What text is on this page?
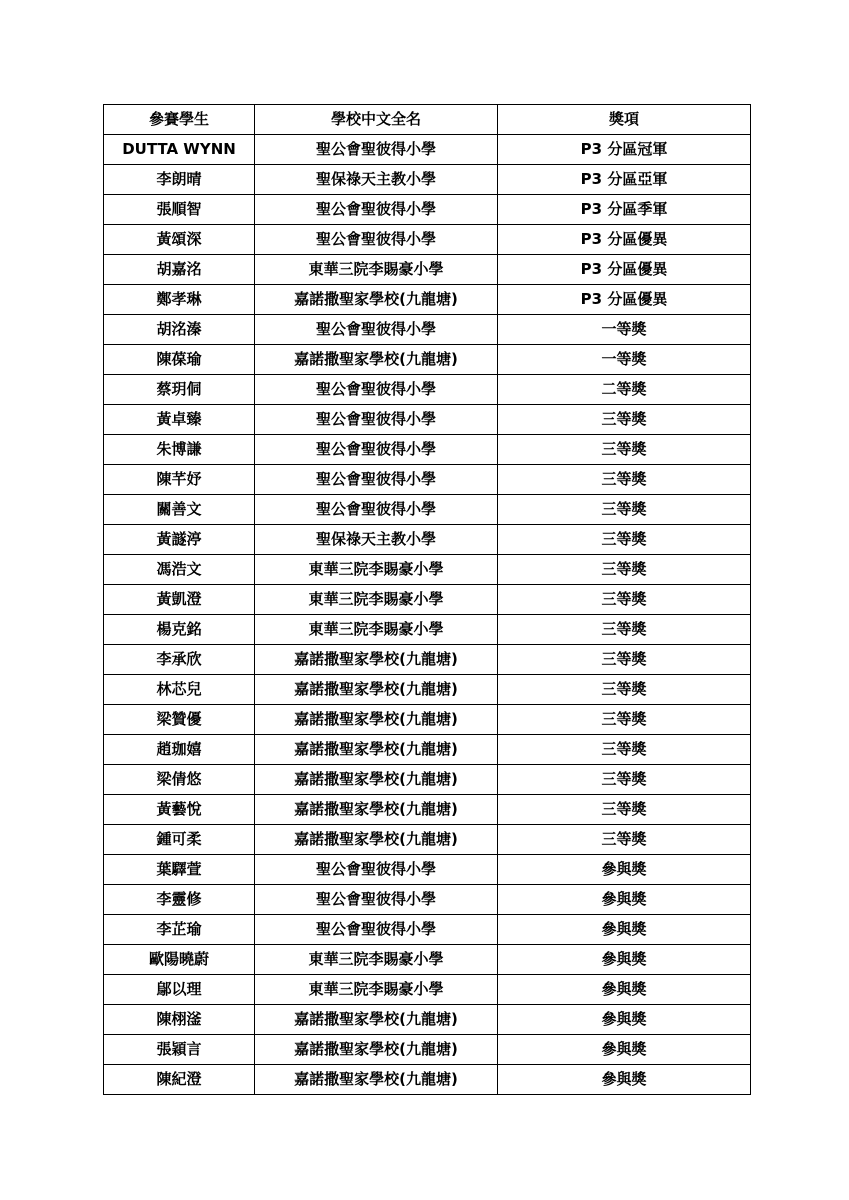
參賽學生	學校中文全名	獎項
DUTTA WYNN	聖公會聖彼得小學	P3 分區冠軍
李朗晴	聖保祿天主教小學	P3 分區亞軍
張順智	聖公會聖彼得小學	P3 分區季軍
黃頌深	聖公會聖彼得小學	P3 分區優異
胡嘉洺	東華三院李賜豪小學	P3 分區優異
鄭孝琳	嘉諾撒聖家學校(九龍塘)	P3 分區優異
胡洺溱	聖公會聖彼得小學	一等獎
陳葆瑜	嘉諾撒聖家學校(九龍塘)	一等獎
蔡玥侗	聖公會聖彼得小學	二等獎
黃卓臻	聖公會聖彼得小學	三等獎
朱博謙	聖公會聖彼得小學	三等獎
陳芊妤	聖公會聖彼得小學	三等獎
關善文	聖公會聖彼得小學	三等獎
黃譢渟	聖保祿天主教小學	三等獎
馮浩文	東華三院李賜豪小學	三等獎
黃凱澄	東華三院李賜豪小學	三等獎
楊克銘	東華三院李賜豪小學	三等獎
李承欣	嘉諾撒聖家學校(九龍塘)	三等獎
林芯兒	嘉諾撒聖家學校(九龍塘)	三等獎
梁贊優	嘉諾撒聖家學校(九龍塘)	三等獎
趙珈嬉	嘉諾撒聖家學校(九龍塘)	三等獎
梁倩悠	嘉諾撒聖家學校(九龍塘)	三等獎
黃藝悅	嘉諾撒聖家學校(九龍塘)	三等獎
鍾可柔	嘉諾撒聖家學校(九龍塘)	三等獎
葉驛萱	聖公會聖彼得小學	參與獎
李靈修	聖公會聖彼得小學	參與獎
李芷瑜	聖公會聖彼得小學	參與獎
歐陽曉蔚	東華三院李賜豪小學	參與獎
鄔以理	東華三院李賜豪小學	參與獎
陳栩滏	嘉諾撒聖家學校(九龍塘)	參與獎
張穎言	嘉諾撒聖家學校(九龍塘)	參與獎
陳紀澄	嘉諾撒聖家學校(九龍塘)	參與獎
